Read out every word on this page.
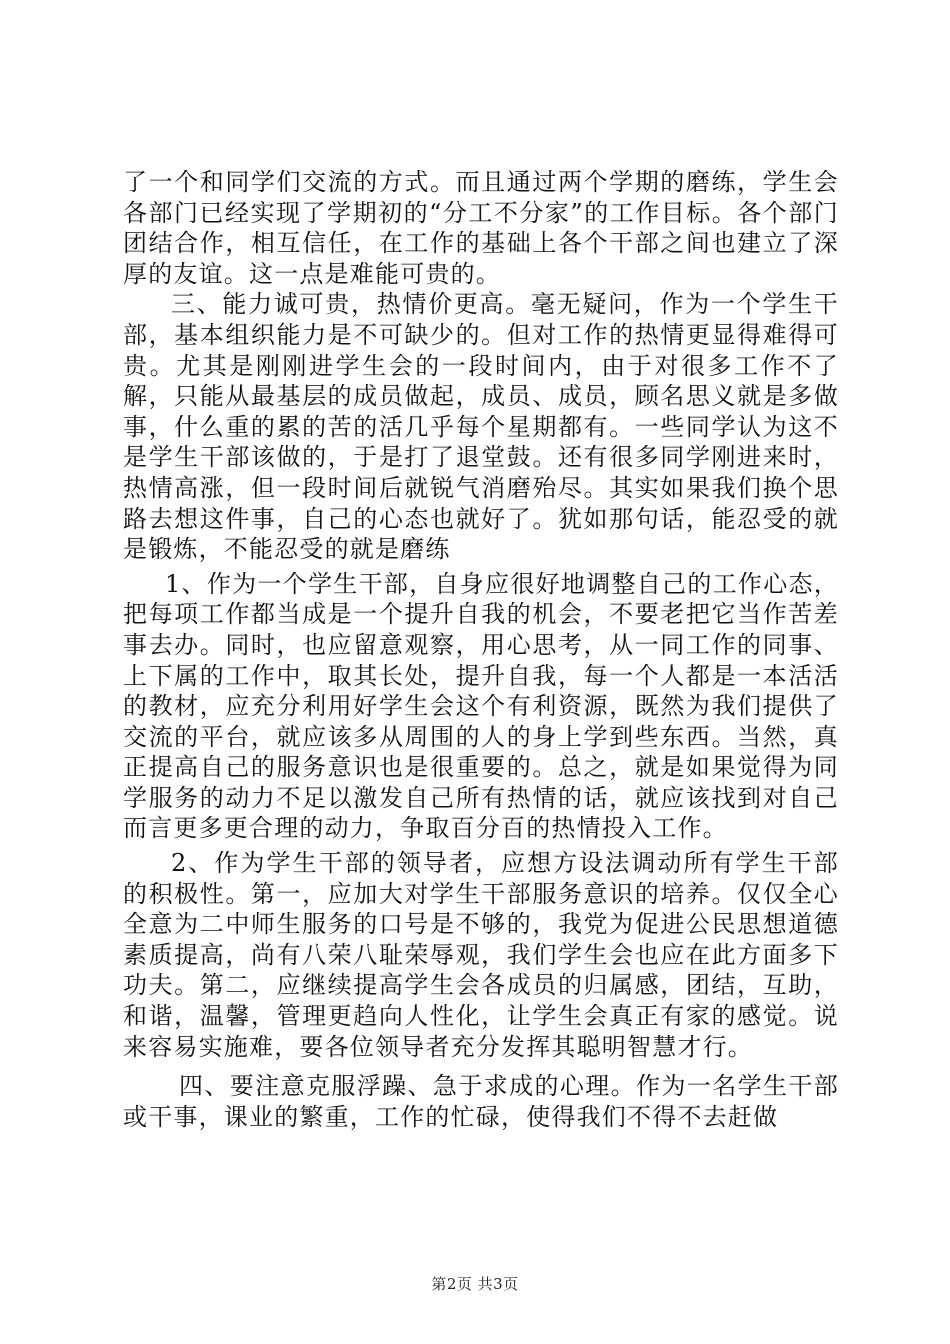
了一个和同学们交流的方式。而且通过两个学期的磨练，学生会各部门已经实现了学期初的“分工不分家”的工作目标。各个部门团结合作，相互信任，在工作的基础上各个干部之间也建立了深厚的友谊。这一点是难能可贵的。

三、能力诚可贵，热情价更高。毫无疑问，作为一个学生干部，基本组织能力是不可缺少的。但对工作的热情更显得难得可贵。尤其是刚刚进学生会的一段时间内，由于对很多工作不了解，只能从最基层的成员做起，成员、成员，顾名思义就是多做事，什么重的累的苦的活几乎每个星期都有。一些同学认为这不是学生干部该做的，于是打了退堂鼓。还有很多同学刚进来时，热情高涨，但一段时间后就锐气消磨殆尽。其实如果我们换个思路去想这件事，自己的心态也就好了。犹如那句话，能忍受的就是锻炼，不能忍受的就是磨练

1、作为一个学生干部，自身应很好地调整自己的工作心态，把每项工作都当成是一个提升自我的机会，不要老把它当作苦差事去办。同时，也应留意观察，用心思考，从一同工作的同事、上下属的工作中，取其长处，提升自我，每一个人都是一本活活的教材，应充分利用好学生会这个有利资源，既然为我们提供了交流的平台，就应该多从周围的人的身上学到些东西。当然，真正提高自己的服务意识也是很重要的。总之，就是如果觉得为同学服务的动力不足以激发自己所有热情的话，就应该找到对自己而言更多更合理的动力，争取百分百的热情投入工作。

2、作为学生干部的领导者，应想方设法调动所有学生干部的积极性。第一，应加大对学生干部服务意识的培养。仅仅全心全意为二中师生服务的口号是不够的，我党为促进公民思想道德素质提高，尚有八荣八耻荣辱观，我们学生会也应在此方面多下功夫。第二，应继续提高学生会各成员的归属感，团结，互助，和谐，温馨，管理更趋向人性化，让学生会真正有家的感觉。说来容易实施难，要各位领导者充分发挥其聪明智慧才行。

四、要注意克服浮躁、急于求成的心理。作为一名学生干部或干事，课业的繁重，工作的忙碌，使得我们不得不去赶做

第2页 共3页
